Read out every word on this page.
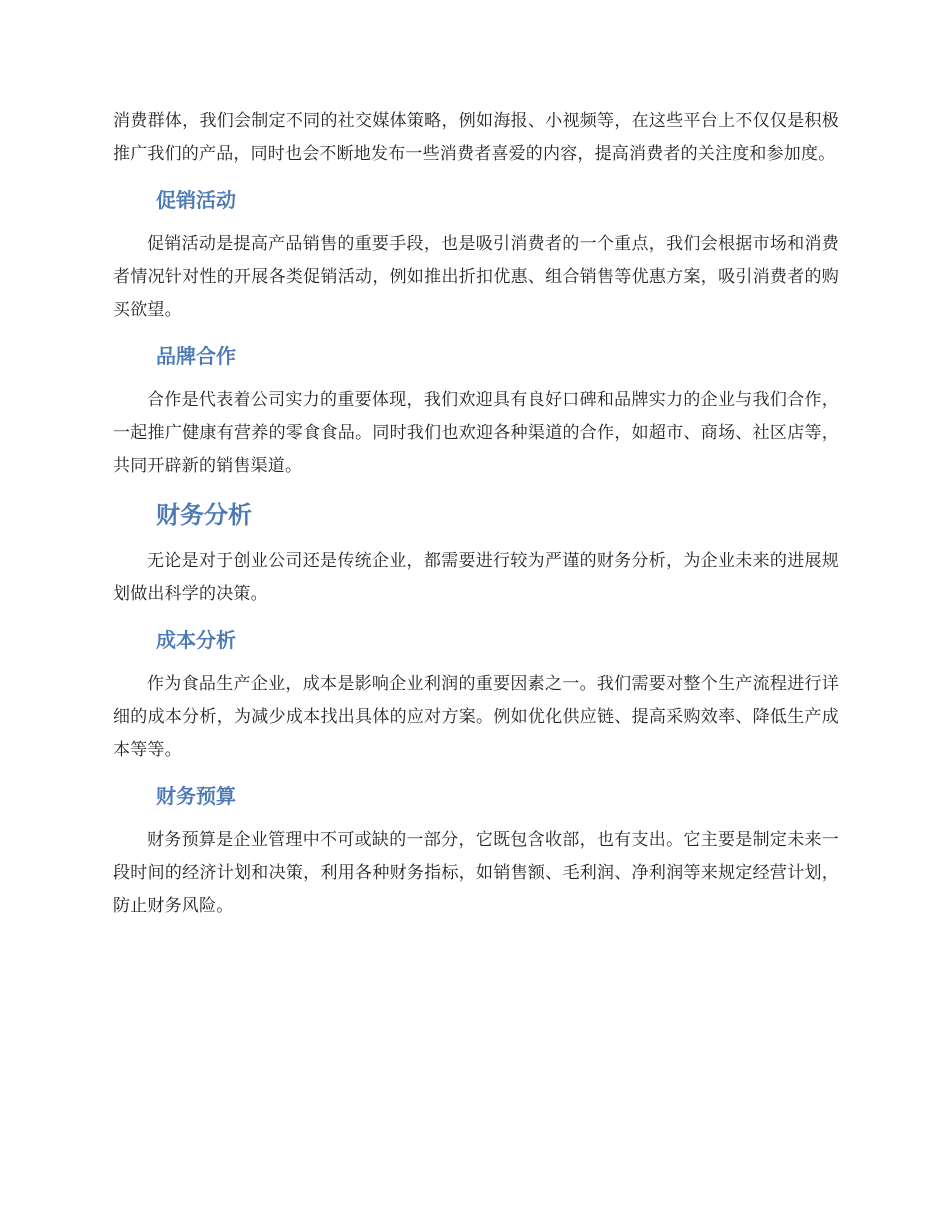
消费群体，我们会制定不同的社交媒体策略，例如海报、小视频等，在这些平台上不仅仅是积极推广我们的产品，同时也会不断地发布一些消费者喜爱的内容，提高消费者的关注度和参加度。

促销活动

促销活动是提高产品销售的重要手段，也是吸引消费者的一个重点，我们会根据市场和消费者情况针对性的开展各类促销活动，例如推出折扣优惠、组合销售等优惠方案，吸引消费者的购买欲望。

品牌合作

合作是代表着公司实力的重要体现，我们欢迎具有良好口碑和品牌实力的企业与我们合作，一起推广健康有营养的零食食品。同时我们也欢迎各种渠道的合作，如超市、商场、社区店等，共同开辟新的销售渠道。

财务分析

无论是对于创业公司还是传统企业，都需要进行较为严谨的财务分析，为企业未来的进展规划做出科学的决策。

成本分析

作为食品生产企业，成本是影响企业利润的重要因素之一。我们需要对整个生产流程进行详细的成本分析，为减少成本找出具体的应对方案。例如优化供应链、提高采购效率、降低生产成本等等。

财务预算

财务预算是企业管理中不可或缺的一部分，它既包含收部，也有支出。它主要是制定未来一段时间的经济计划和决策，利用各种财务指标，如销售额、毛利润、净利润等来规定经营计划，防止财务风险。
